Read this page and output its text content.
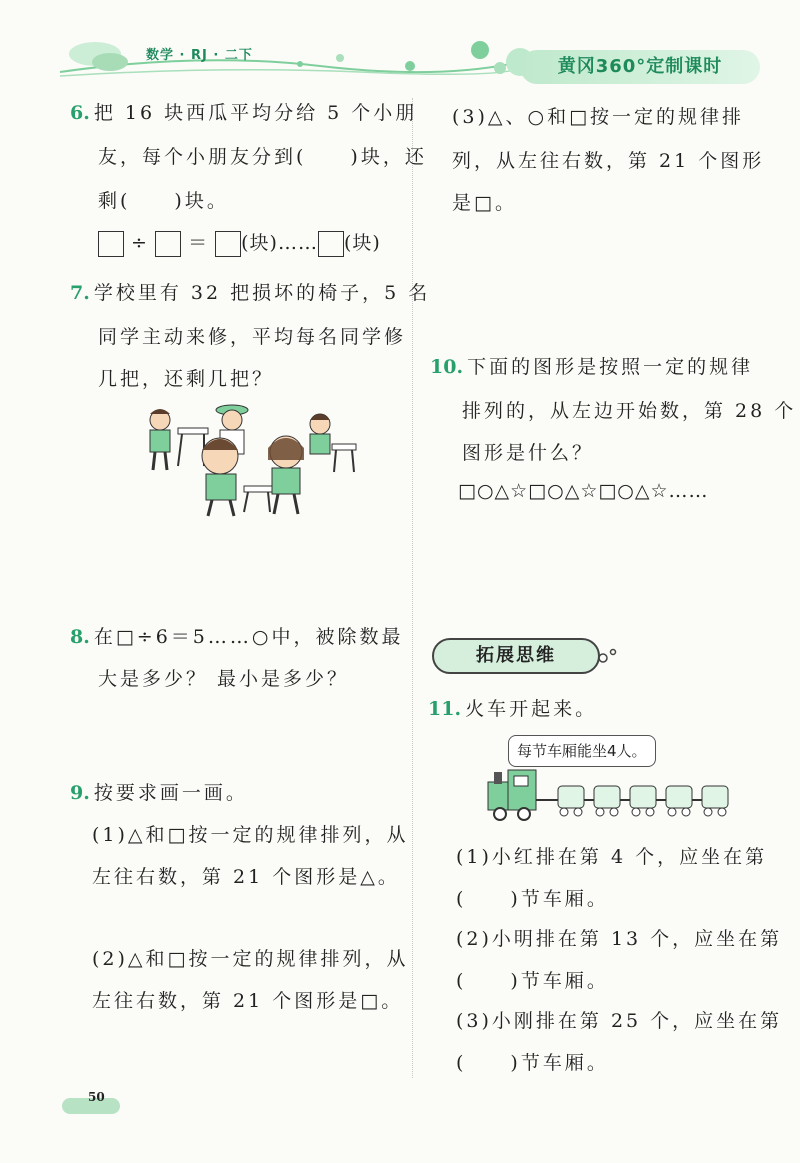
数学 · RJ · 二下
黄冈360°定制课时
6. 把 16 块西瓜平均分给 5 个小朋
友，每个小朋友分到(　　)块，还
剩(　　)块。
÷ ＝ (块)…… (块)
7. 学校里有 32 把损坏的椅子，5 名
同学主动来修，平均每名同学修
几把，还剩几把？
8. 在□÷6＝5……○中，被除数最
大是多少？ 最小是多少？
9. 按要求画一画。
(1)△和□按一定的规律排列，从
左往右数，第 21 个图形是△。
(2)△和□按一定的规律排列，从
左往右数，第 21 个图形是□。
(3)△、○和□按一定的规律排
列，从左往右数，第 21 个图形
是□。
10. 下面的图形是按照一定的规律
排列的，从左边开始数，第 28 个
图形是什么？
□○△☆□○△☆□○△☆……
拓展思维
11. 火车开起来。
每节车厢能坐4人。
(1)小红排在第 4 个，应坐在第
(　　)节车厢。
(2)小明排在第 13 个，应坐在第
(　　)节车厢。
(3)小刚排在第 25 个，应坐在第
(　　)节车厢。
50
